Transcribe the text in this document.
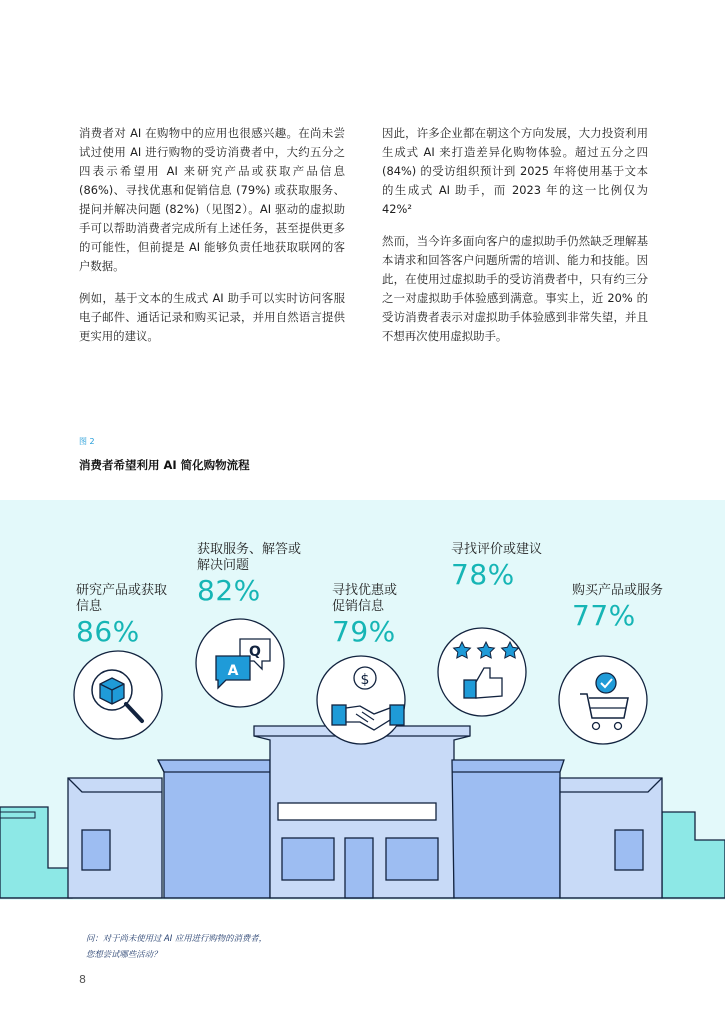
消费者对 AI 在购物中的应用也很感兴趣。在尚未尝试过使用 AI 进行购物的受访消费者中，大约五分之四表示希望用 AI 来研究产品或获取产品信息 (86%)、寻找优惠和促销信息 (79%) 或获取服务、提问并解决问题 (82%)（见图2）。AI 驱动的虚拟助手可以帮助消费者完成所有上述任务，甚至提供更多的可能性，但前提是 AI 能够负责任地获取联网的客户数据。

例如，基于文本的生成式 AI 助手可以实时访问客服电子邮件、通话记录和购买记录，并用自然语言提供更实用的建议。

因此，许多企业都在朝这个方向发展，大力投资利用生成式 AI 来打造差异化购物体验。超过五分之四 (84%) 的受访组织预计到 2025 年将使用基于文本的生成式 AI 助手，而 2023 年的这一比例仅为 42%²

然而，当今许多面向客户的虚拟助手仍然缺乏理解基本请求和回答客户问题所需的培训、能力和技能。因此，在使用过虚拟助手的受访消费者中，只有约三分之一对虚拟助手体验感到满意。事实上，近 20% 的受访消费者表示对虚拟助手体验感到非常失望，并且不想再次使用虚拟助手。

图 2
消费者希望利用 AI 简化购物流程
Q
A
$
研究产品或获取
信息
86%
获取服务、解答或
解决问题
82%	寻找优惠或
促销信息
79%
寻找评价或建议
78%	购买产品或服务
77%
问：对于尚未使用过 AI 应用进行购物的消费者，
您想尝试哪些活动？
8
